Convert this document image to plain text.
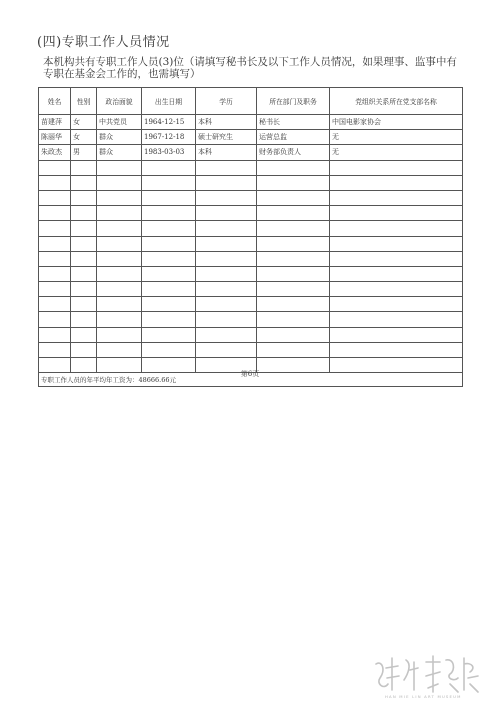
(四)专职工作人员情况
本机构共有专职工作人员(3)位（请填写秘书长及以下工作人员情况，如果理事、监事中有专职在基金会工作的，也需填写）
姓名	性别	政治面貌	出生日期	学历	所在部门及职务	党组织关系所在党支部名称
苗建萍	女	中共党员	1964-12-15	本科	秘书长	中国电影家协会
陈丽华	女	群众	1967-12-18	硕士研究生	运营总监	无
朱政杰	男	群众	1983-03-03	本科	财务部负责人	无

专职工作人员的年平均年工资为：48666.66元						
第6页
HAN MIE LIN ART MUSEUM
